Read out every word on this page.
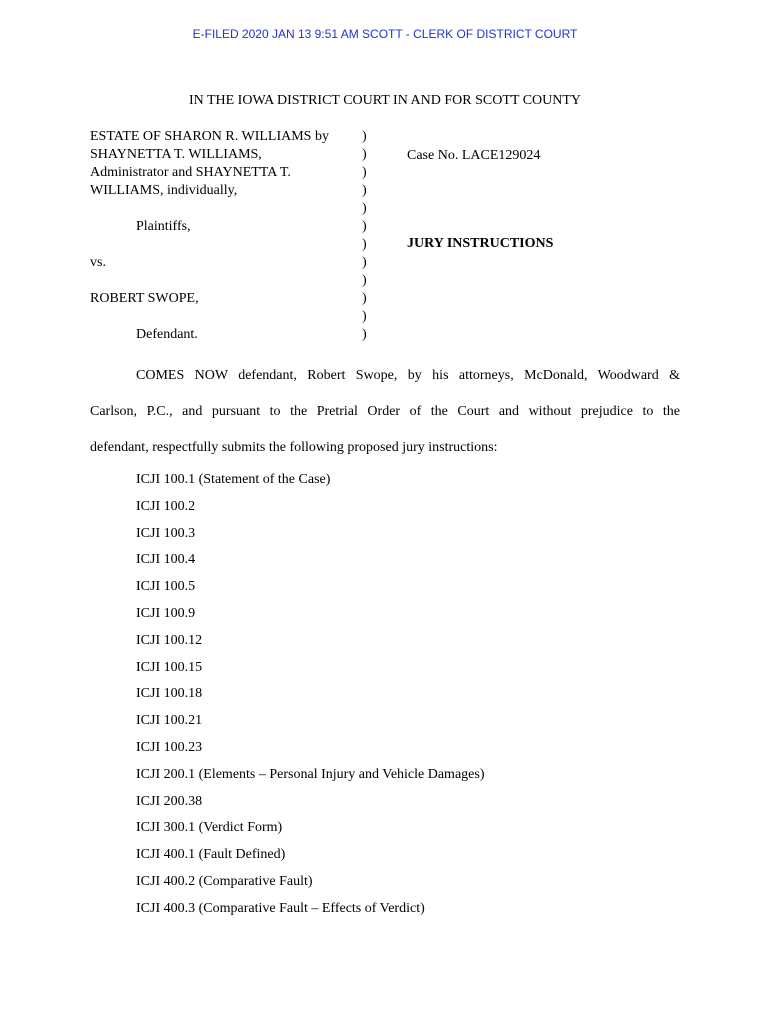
E-FILED 2020 JAN 13 9:51 AM SCOTT - CLERK OF DISTRICT COURT
IN THE IOWA DISTRICT COURT IN AND FOR SCOTT COUNTY
ESTATE OF SHARON R. WILLIAMS by
SHAYNETTA T. WILLIAMS,
Administrator and SHAYNETTA T.
WILLIAMS, individually,
Plaintiffs,
vs.
ROBERT SWOPE,
Defendant.
)
)
)
)
)
)
)
)
)
)
)
)
Case No. LACE129024
JURY INSTRUCTIONS
COMES NOW defendant, Robert Swope, by his attorneys, McDonald, Woodward &
Carlson, P.C., and pursuant to the Pretrial Order of the Court and without prejudice to the
defendant, respectfully submits the following proposed jury instructions:
ICJI 100.1 (Statement of the Case)
ICJI 100.2
ICJI 100.3
ICJI 100.4
ICJI 100.5
ICJI 100.9
ICJI 100.12
ICJI 100.15
ICJI 100.18
ICJI 100.21
ICJI 100.23
ICJI 200.1 (Elements – Personal Injury and Vehicle Damages)
ICJI 200.38
ICJI 300.1 (Verdict Form)
ICJI 400.1 (Fault Defined)
ICJI 400.2 (Comparative Fault)
ICJI 400.3 (Comparative Fault – Effects of Verdict)
